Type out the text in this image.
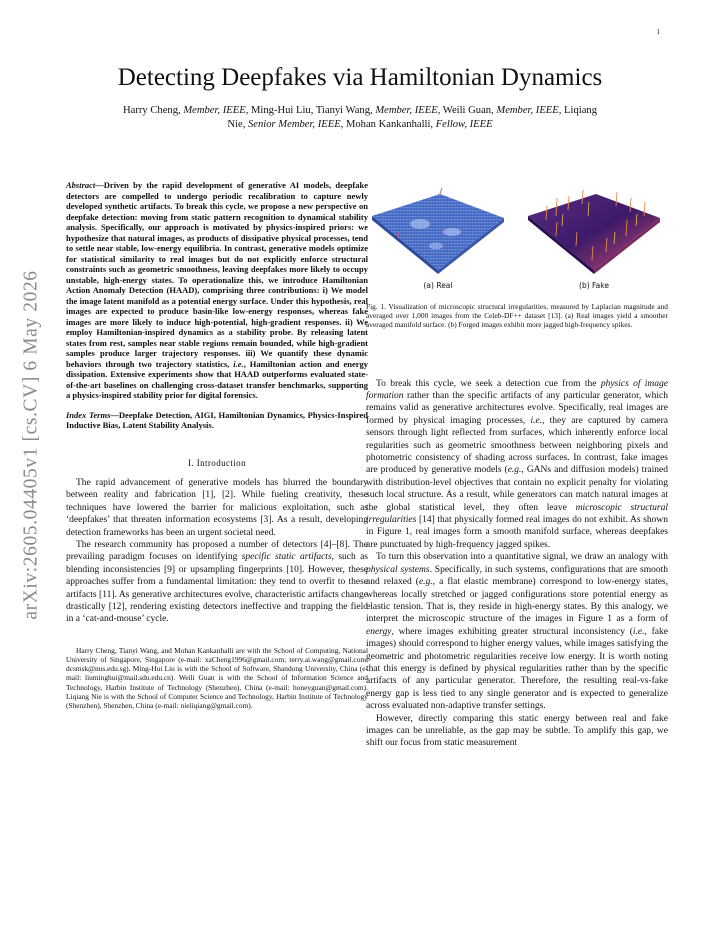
1
arXiv:2605.04405v1 [cs.CV] 6 May 2026
Detecting Deepfakes via Hamiltonian Dynamics
Harry Cheng, Member, IEEE, Ming-Hui Liu, Tianyi Wang, Member, IEEE, Weili Guan, Member, IEEE, Liqiang
Nie, Senior Member, IEEE, Mohan Kankanhalli, Fellow, IEEE
Abstract—Driven by the rapid development of generative AI models, deepfake detectors are compelled to undergo periodic recalibration to capture newly developed synthetic artifacts. To break this cycle, we propose a new perspective on deepfake detection: moving from static pattern recognition to dynamical stability analysis. Specifically, our approach is motivated by physics-inspired priors: we hypothesize that natural images, as products of dissipative physical processes, tend to settle near stable, low-energy equilibria. In contrast, generative models optimize for statistical similarity to real images but do not explicitly enforce structural constraints such as geometric smoothness, leaving deepfakes more likely to occupy unstable, high-energy states. To operationalize this, we introduce Hamiltonian Action Anomaly Detection (HAAD), comprising three contributions: i) We model the image latent manifold as a potential energy surface. Under this hypothesis, real images are expected to produce basin-like low-energy responses, whereas fake images are more likely to induce high-potential, high-gradient responses. ii) We employ Hamiltonian-inspired dynamics as a stability probe. By releasing latent states from rest, samples near stable regions remain bounded, while high-gradient samples produce larger trajectory responses. iii) We quantify these dynamic behaviors through two trajectory statistics, i.e., Hamiltonian action and energy dissipation. Extensive experiments show that HAAD outperforms evaluated state-of-the-art baselines on challenging cross-dataset transfer benchmarks, supporting a physics-inspired stability prior for digital forensics.
Index Terms—Deepfake Detection, AIGI, Hamiltonian Dynamics, Physics-Inspired Inductive Bias, Latent Stability Analysis.
I. Introduction

The rapid advancement of generative models has blurred the boundary between reality and fabrication [1], [2]. While fueling creativity, these techniques have lowered the barrier for malicious exploitation, such as ‘deepfakes’ that threaten information ecosystems [3]. As a result, developing detection frameworks has been an urgent societal need.

The research community has proposed a number of detectors [4]–[8]. The prevailing paradigm focuses on identifying specific static artifacts, such as blending inconsistencies [9] or upsampling fingerprints [10]. However, these approaches suffer from a fundamental limitation: they tend to overfit to these artifacts [11]. As generative architectures evolve, characteristic artifacts change drastically [12], rendering existing detectors ineffective and trapping the field in a ‘cat-and-mouse’ cycle.

Harry Cheng, Tianyi Wang, and Mohan Kankanhalli are with the School of Computing, National University of Singapore, Singapore (e-mail: xaCheng1996@gmail.com; terry.ai.wang@gmail.com, dcsmsk@nus.edu.sg). Ming-Hui Liu is with the School of Software, Shandong University, China (e-mail: liuminghui@mail.sdu.edu.cn). Weili Guan is with the School of Information Science and Technology, Harbin Institute of Technology (Shenzhen), China (e-mail: honeyguan@gmail.com). Liqiang Nie is with the School of Computer Science and Technology, Harbin Institute of Technology (Shenzhen), Shenzhen, China (e-mail: nieliqiang@gmail.com).
(a) Real	(b) Fake
Fig. 1. Visualization of microscopic structural irregularities, measured by Laplacian magnitude and averaged over 1,000 images from the Celeb-DF++ dataset [13]. (a) Real images yield a smoother averaged manifold surface. (b) Forged images exhibit more jagged high-frequency spikes.

To break this cycle, we seek a detection cue from the physics of image formation rather than the specific artifacts of any particular generator, which remains valid as generative architectures evolve. Specifically, real images are formed by physical imaging processes, i.e., they are captured by camera sensors through light reflected from surfaces, which inherently enforce local regularities such as geometric smoothness between neighboring pixels and photometric consistency of shading across surfaces. In contrast, fake images are produced by generative models (e.g., GANs and diffusion models) trained with distribution-level objectives that contain no explicit penalty for violating such local structure. As a result, while generators can match natural images at the global statistical level, they often leave microscopic structural irregularities [14] that physically formed real images do not exhibit. As shown in Figure 1, real images form a smooth manifold surface, whereas deepfakes are punctuated by high-frequency jagged spikes.

To turn this observation into a quantitative signal, we draw an analogy with physical systems. Specifically, in such systems, configurations that are smooth and relaxed (e.g., a flat elastic membrane) correspond to low-energy states, whereas locally stretched or jagged configurations store potential energy as elastic tension. That is, they reside in high-energy states. By this analogy, we interpret the microscopic structure of the images in Figure 1 as a form of energy, where images exhibiting greater structural inconsistency (i.e., fake images) should correspond to higher energy values, while images satisfying the geometric and photometric regularities receive low energy. It is worth noting that this energy is defined by physical regularities rather than by the specific artifacts of any particular generator. Therefore, the resulting real-vs-fake energy gap is less tied to any single generator and is expected to generalize across evaluated non-adaptive transfer settings.

However, directly comparing this static energy between real and fake images can be unreliable, as the gap may be subtle. To amplify this gap, we shift our focus from static measurement
